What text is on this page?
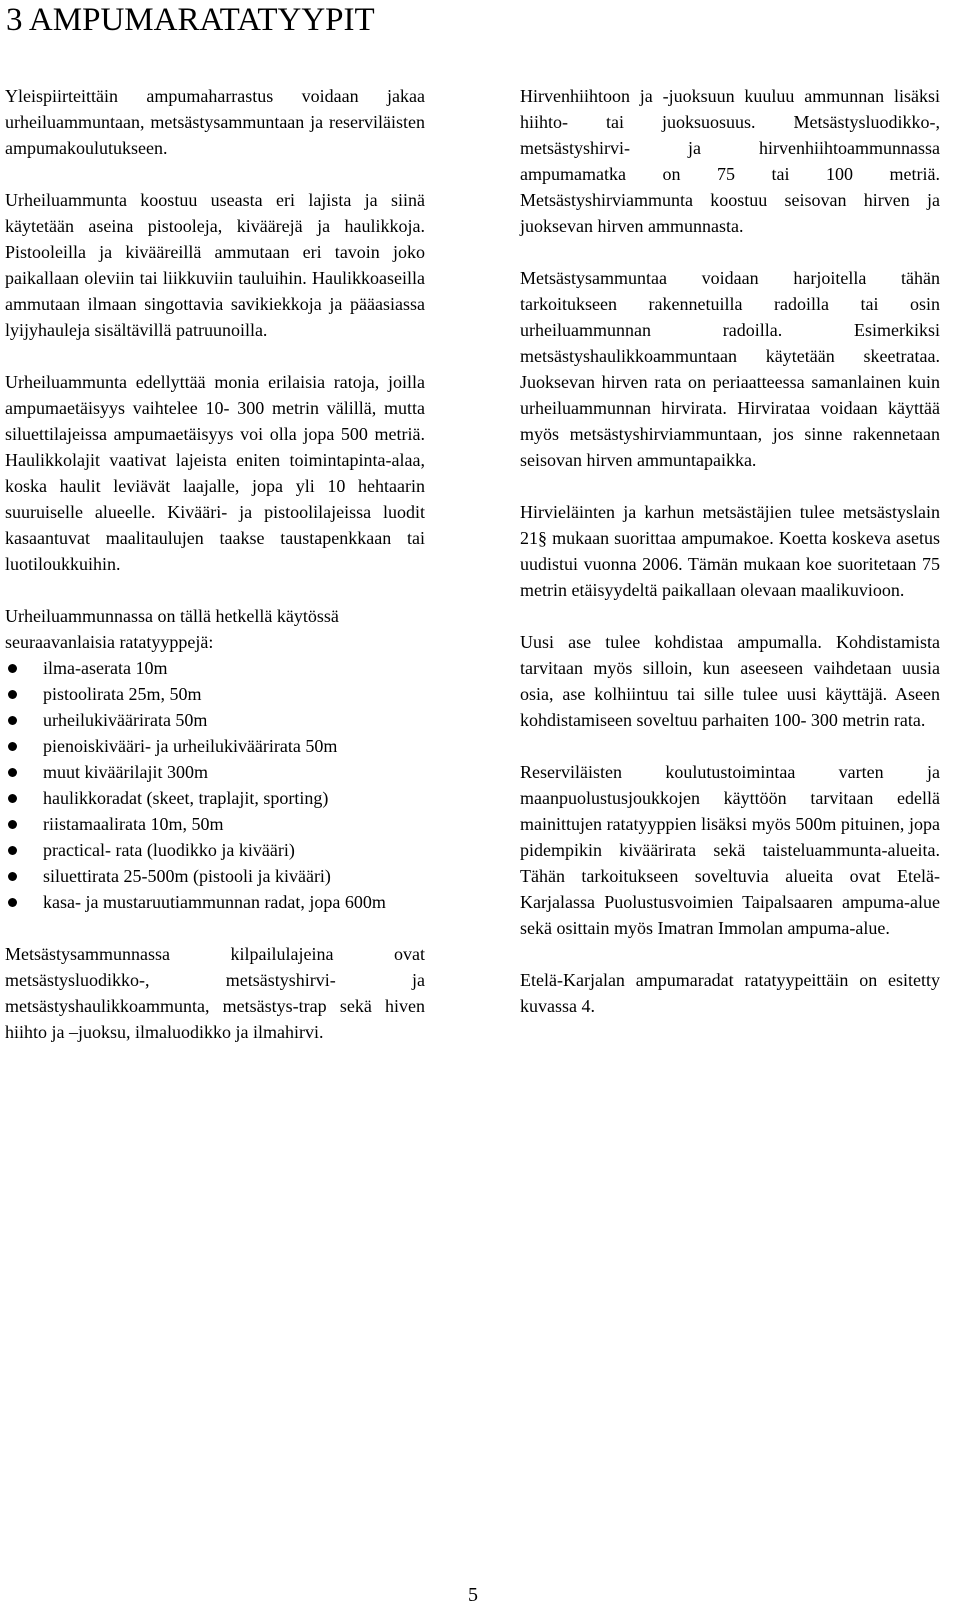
3 AMPUMARATATYYPIT

Yleispiirteittäin ampumaharrastus voidaan jakaa urheiluammuntaan, metsästysammuntaan ja reserviläisten ampumakoulutukseen.

Urheiluammunta koostuu useasta eri lajista ja siinä käytetään aseina pistooleja, kiväärejä ja haulikkoja. Pistooleilla ja kivääreillä ammutaan eri tavoin joko paikallaan oleviin tai liikkuviin tauluihin. Haulikkoaseilla ammutaan ilmaan singottavia savikiekkoja ja pääasiassa lyijyhauleja sisältävillä patruunoilla.

Urheiluammunta edellyttää monia erilaisia ratoja, joilla ampumaetäisyys vaihtelee 10- 300 metrin välillä, mutta siluettilajeissa ampumaetäisyys voi olla jopa 500 metriä. Haulikkolajit vaativat lajeista eniten toimintapinta-alaa, koska haulit leviävät laajalle, jopa yli 10 hehtaarin suuruiselle alueelle. Kivääri- ja pistoolilajeissa luodit kasaantuvat maalitaulujen taakse taustapenkkaan tai luotiloukkuihin.

Urheiluammunnassa on tällä hetkellä käytössä seuraavanlaisia ratatyyppejä:

ilma-aserata 10m
pistoolirata 25m, 50m
urheilukiväärirata 50m
pienoiskivääri- ja urheilukiväärirata 50m
muut kiväärilajit 300m
haulikkoradat (skeet, traplajit, sporting)
riistamaalirata 10m, 50m
practical- rata (luodikko ja kivääri)
siluettirata 25-500m (pistooli ja kivääri)
kasa- ja mustaruutiammunnan radat, jopa 600m

Metsästysammunnassa kilpailulajeina ovat metsästysluodikko-, metsästyshirvi- ja metsästyshaulikkoammunta, metsästys-trap sekä hiven hiihto ja –juoksu, ilmaluodikko ja ilmahirvi.

Hirvenhiihtoon ja -juoksuun kuuluu ammunnan lisäksi hiihto- tai juoksuosuus. Metsästysluodikko-, metsästyshirvi- ja hirvenhiihtoammunnassa ampumamatka on 75 tai 100 metriä. Metsästyshirviammunta koostuu seisovan hirven ja juoksevan hirven ammunnasta.

Metsästysammuntaa voidaan harjoitella tähän tarkoitukseen rakennetuilla radoilla tai osin urheiluammunnan radoilla. Esimerkiksi metsästyshaulikkoammuntaan käytetään skeetrataa. Juoksevan hirven rata on periaatteessa samanlainen kuin urheiluammunnan hirvirata. Hirvirataa voidaan käyttää myös metsästyshirviammuntaan, jos sinne rakennetaan seisovan hirven ammuntapaikka.

Hirvieläinten ja karhun metsästäjien tulee metsästyslain 21§ mukaan suorittaa ampumakoe. Koetta koskeva asetus uudistui vuonna 2006. Tämän mukaan koe suoritetaan 75 metrin etäisyydeltä paikallaan olevaan maalikuvioon.

Uusi ase tulee kohdistaa ampumalla. Kohdistamista tarvitaan myös silloin, kun aseeseen vaihdetaan uusia osia, ase kolhiintuu tai sille tulee uusi käyttäjä. Aseen kohdistamiseen soveltuu parhaiten 100- 300 metrin rata.

Reserviläisten koulutustoimintaa varten ja maanpuolustusjoukkojen käyttöön tarvitaan edellä mainittujen ratatyyppien lisäksi myös 500m pituinen, jopa pidempikin kiväärirata sekä taisteluammunta-alueita. Tähän tarkoitukseen soveltuvia alueita ovat Etelä- Karjalassa Puolustusvoimien Taipalsaaren ampuma-alue sekä osittain myös Imatran Immolan ampuma-alue.

Etelä-Karjalan ampumaradat ratatyypeittäin on esitetty kuvassa 4.

5
